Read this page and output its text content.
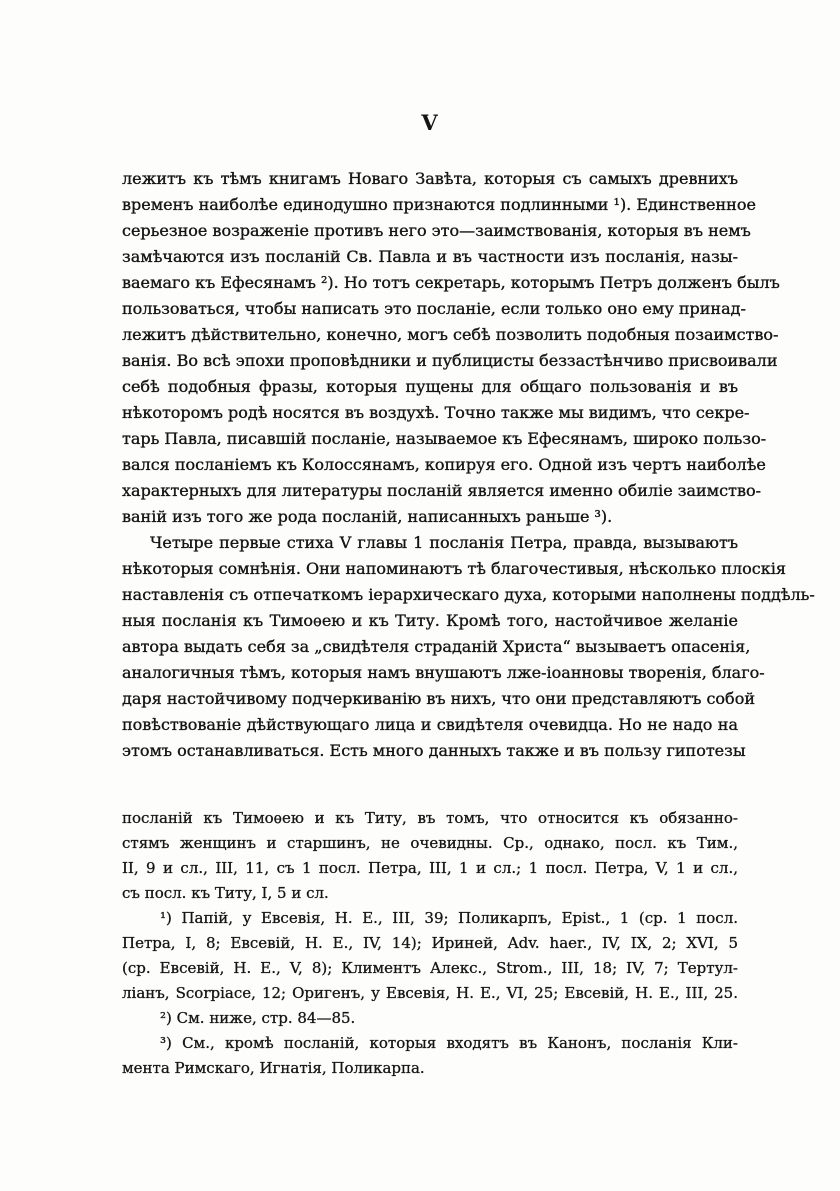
V
лежитъ къ тѣмъ книгамъ Новаго Завѣта, которыя съ самыхъ древнихъ
временъ наиболѣе единодушно признаются подлинными ¹). Единственное
серьезное возраженіе противъ него это—заимствованія, которыя въ немъ
замѣчаются изъ посланій Св. Павла и въ частности изъ посланія, назы-
ваемаго къ Ефесянамъ ²). Но тотъ секретарь, которымъ Петръ долженъ былъ
пользоваться, чтобы написать это посланіе, если только оно ему принад-
лежитъ дѣйствительно, конечно, могъ себѣ позволить подобныя позаимство-
ванія. Во всѣ эпохи проповѣдники и публицисты беззастѣнчиво присвоивали
себѣ подобныя фразы, которыя пущены для общаго пользованія и въ
нѣкоторомъ родѣ носятся въ воздухѣ. Точно также мы видимъ, что секре-
тарь Павла, писавшій посланіе, называемое къ Ефесянамъ, широко пользо-
вался посланіемъ къ Колоссянамъ, копируя его. Одной изъ чертъ наиболѣе
характерныхъ для литературы посланій является именно обиліе заимство-
ваній изъ того же рода посланій, написанныхъ раньше ³).
Четыре первые стиха V главы 1 посланія Петра, правда, вызываютъ
нѣкоторыя сомнѣнія. Они напоминаютъ тѣ благочестивыя, нѣсколько плоскія
наставленія съ отпечаткомъ іерархическаго духа, которыми наполнены поддѣль-
ныя посланія къ Тимоѳею и къ Титу. Кромѣ того, настойчивое желаніе
автора выдать себя за „свидѣтеля страданій Христа“ вызываетъ опасенія,
аналогичныя тѣмъ, которыя намъ внушаютъ лже-іоанновы творенія, благо-
даря настойчивому подчеркиванію въ нихъ, что они представляютъ собой
повѣствованіе дѣйствующаго лица и свидѣтеля очевидца. Но не надо на
этомъ останавливаться. Есть много данныхъ также и въ пользу гипотезы
посланій къ Тимоѳею и къ Титу, въ томъ, что относится къ обязанно-
стямъ женщинъ и старшинъ, не очевидны. Ср., однако, посл. къ Тим.,
II, 9 и сл., III, 11, съ 1 посл. Петра, III, 1 и сл.; 1 посл. Петра, V, 1 и сл.,
съ посл. къ Титу, I, 5 и сл.
¹) Папій, у Евсевія, H. E., III, 39; Поликарпъ, Epist., 1 (ср. 1 посл.
Петра, I, 8; Евсевій, H. E., IV, 14); Ириней, Adv. haer., IV, IX, 2; XVI, 5
(ср. Евсевій, H. E., V, 8); Климентъ Алекс., Strom., III, 18; IV, 7; Тертул-
ліанъ, Scorpiace, 12; Оригенъ, у Евсевія, H. E., VI, 25; Евсевій, H. E., III, 25.
²) См. ниже, стр. 84—85.
³) См., кромѣ посланій, которыя входятъ въ Канонъ, посланія Кли-
мента Римскаго, Игнатія, Поликарпа.
